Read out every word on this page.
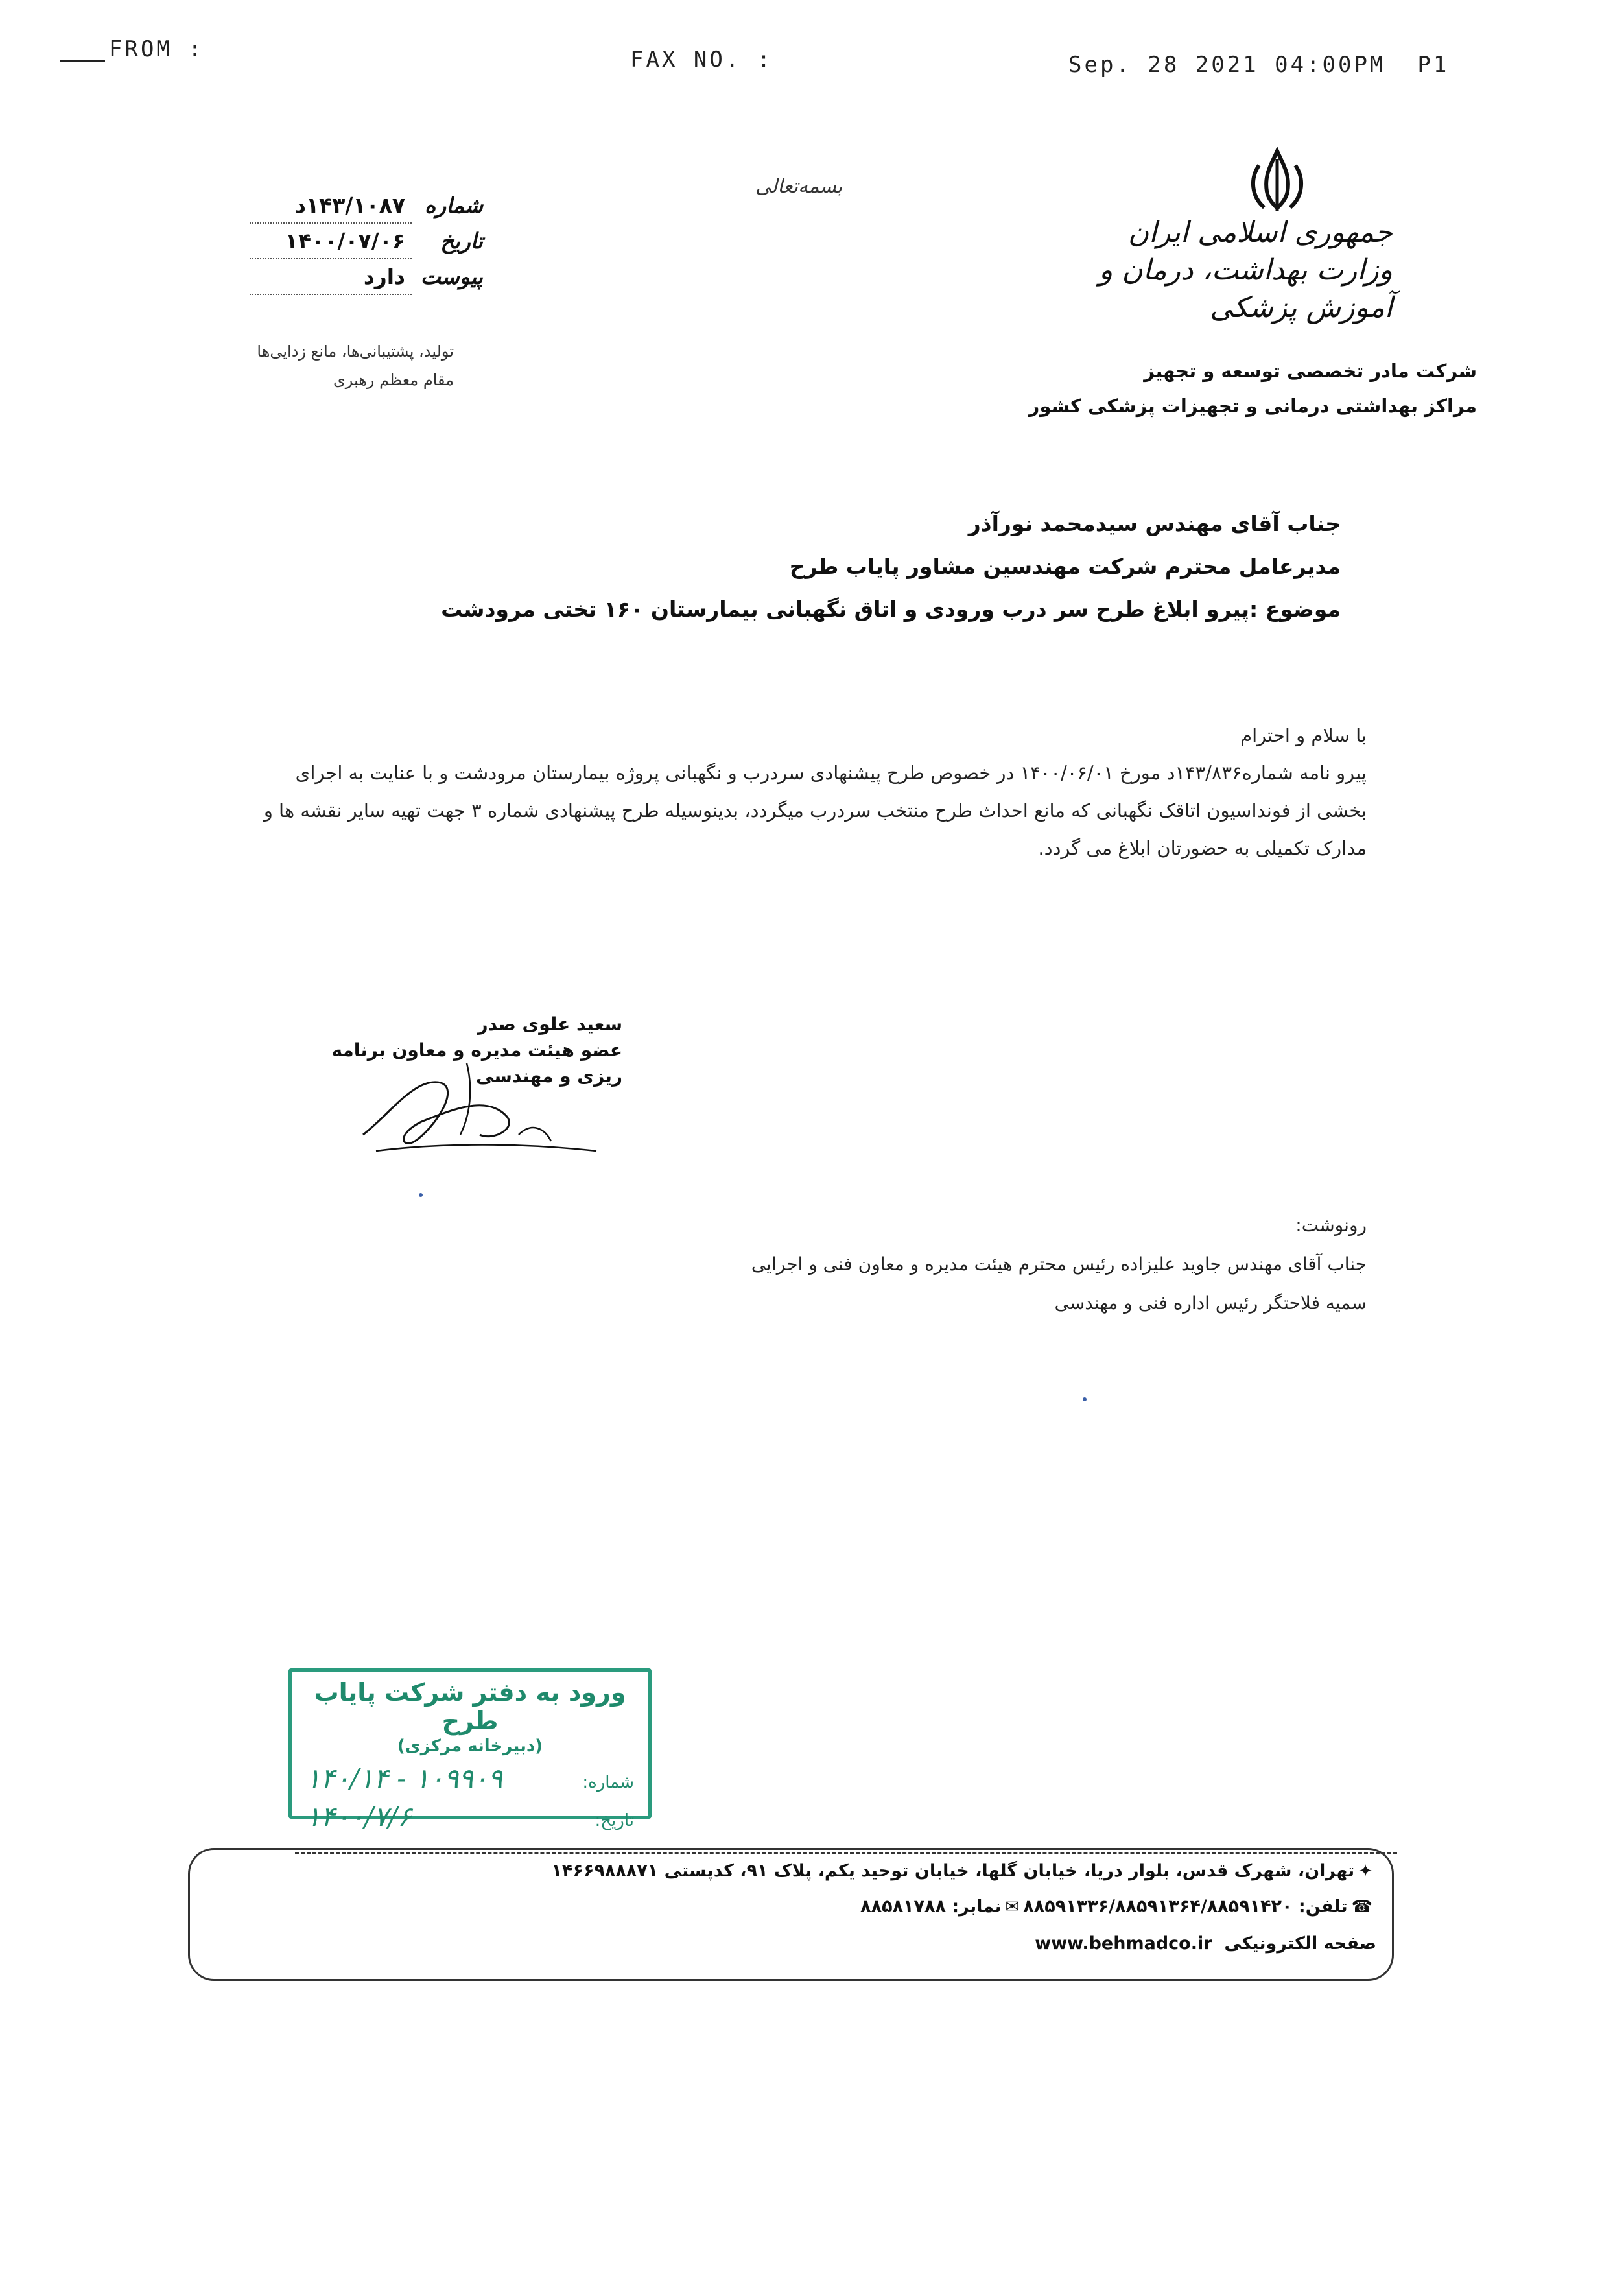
FROM :	FAX NO. :	Sep. 28 2021 04:00PM P1
بسمه‌تعالی
جمهوری اسلامی ایران
وزارت بهداشت، درمان و آموزش پزشکی
شرکت مادر تخصصی توسعه و تجهیز
مراکز بهداشتی درمانی و تجهیزات پزشکی کشور
شماره
۱۴۳/۱۰۸۷د
تاریخ
۱۴۰۰/۰۷/۰۶
پیوست
دارد
تولید، پشتیبانی‌ها، مانع زدایی‌ها
مقام معظم رهبری
جناب آقای مهندس سیدمحمد نورآذر
مدیرعامل محترم شرکت مهندسین مشاور پایاب طرح
موضوع :پیرو ابلاغ طرح سر درب ورودی و اتاق نگهبانی بیمارستان ۱۶۰ تختی مرودشت
با سلام و احترام
پیرو نامه شماره۱۴۳/۸۳۶د مورخ ۱۴۰۰/۰۶/۰۱ در خصوص طرح پیشنهادی سردرب و نگهبانی پروژه بیمارستان مرودشت و با عنایت به اجرای بخشی از فونداسیون اتاقک نگهبانی که مانع احداث طرح منتخب سردرب میگردد، بدینوسیله طرح پیشنهادی شماره ۳ جهت تهیه سایر نقشه ها و مدارک تکمیلی به حضورتان ابلاغ می گردد.
سعید علوی صدر
عضو هیئت مدیره و معاون برنامه ریزی و مهندسی
رونوشت:
جناب آقای مهندس جاوید علیزاده رئیس محترم هیئت مدیره و معاون فنی و اجرایی
سمیه فلاحتگر رئیس اداره فنی و مهندسی
ورود به دفتر شرکت پایاب طرح
(دبیرخانه مرکزی)
شماره:
۱۴۰/۱۴ - ۱۰۹۹۰۹
تاریخ:
۱۴۰۰/۷/۶
✦تهران، شهرک قدس، بلوار دریا، خیابان گلها، خیابان توحید یکم، پلاک ۹۱، کدپستی ۱۴۶۶۹۸۸۸۷۱
☎تلفن: ۸۸۵۹۱۳۳۶/۸۸۵۹۱۳۶۴/۸۸۵۹۱۴۲۰✉نمابر: ۸۸۵۸۱۷۸۸
صفحه الکترونیکی  www.behmadco.ir
